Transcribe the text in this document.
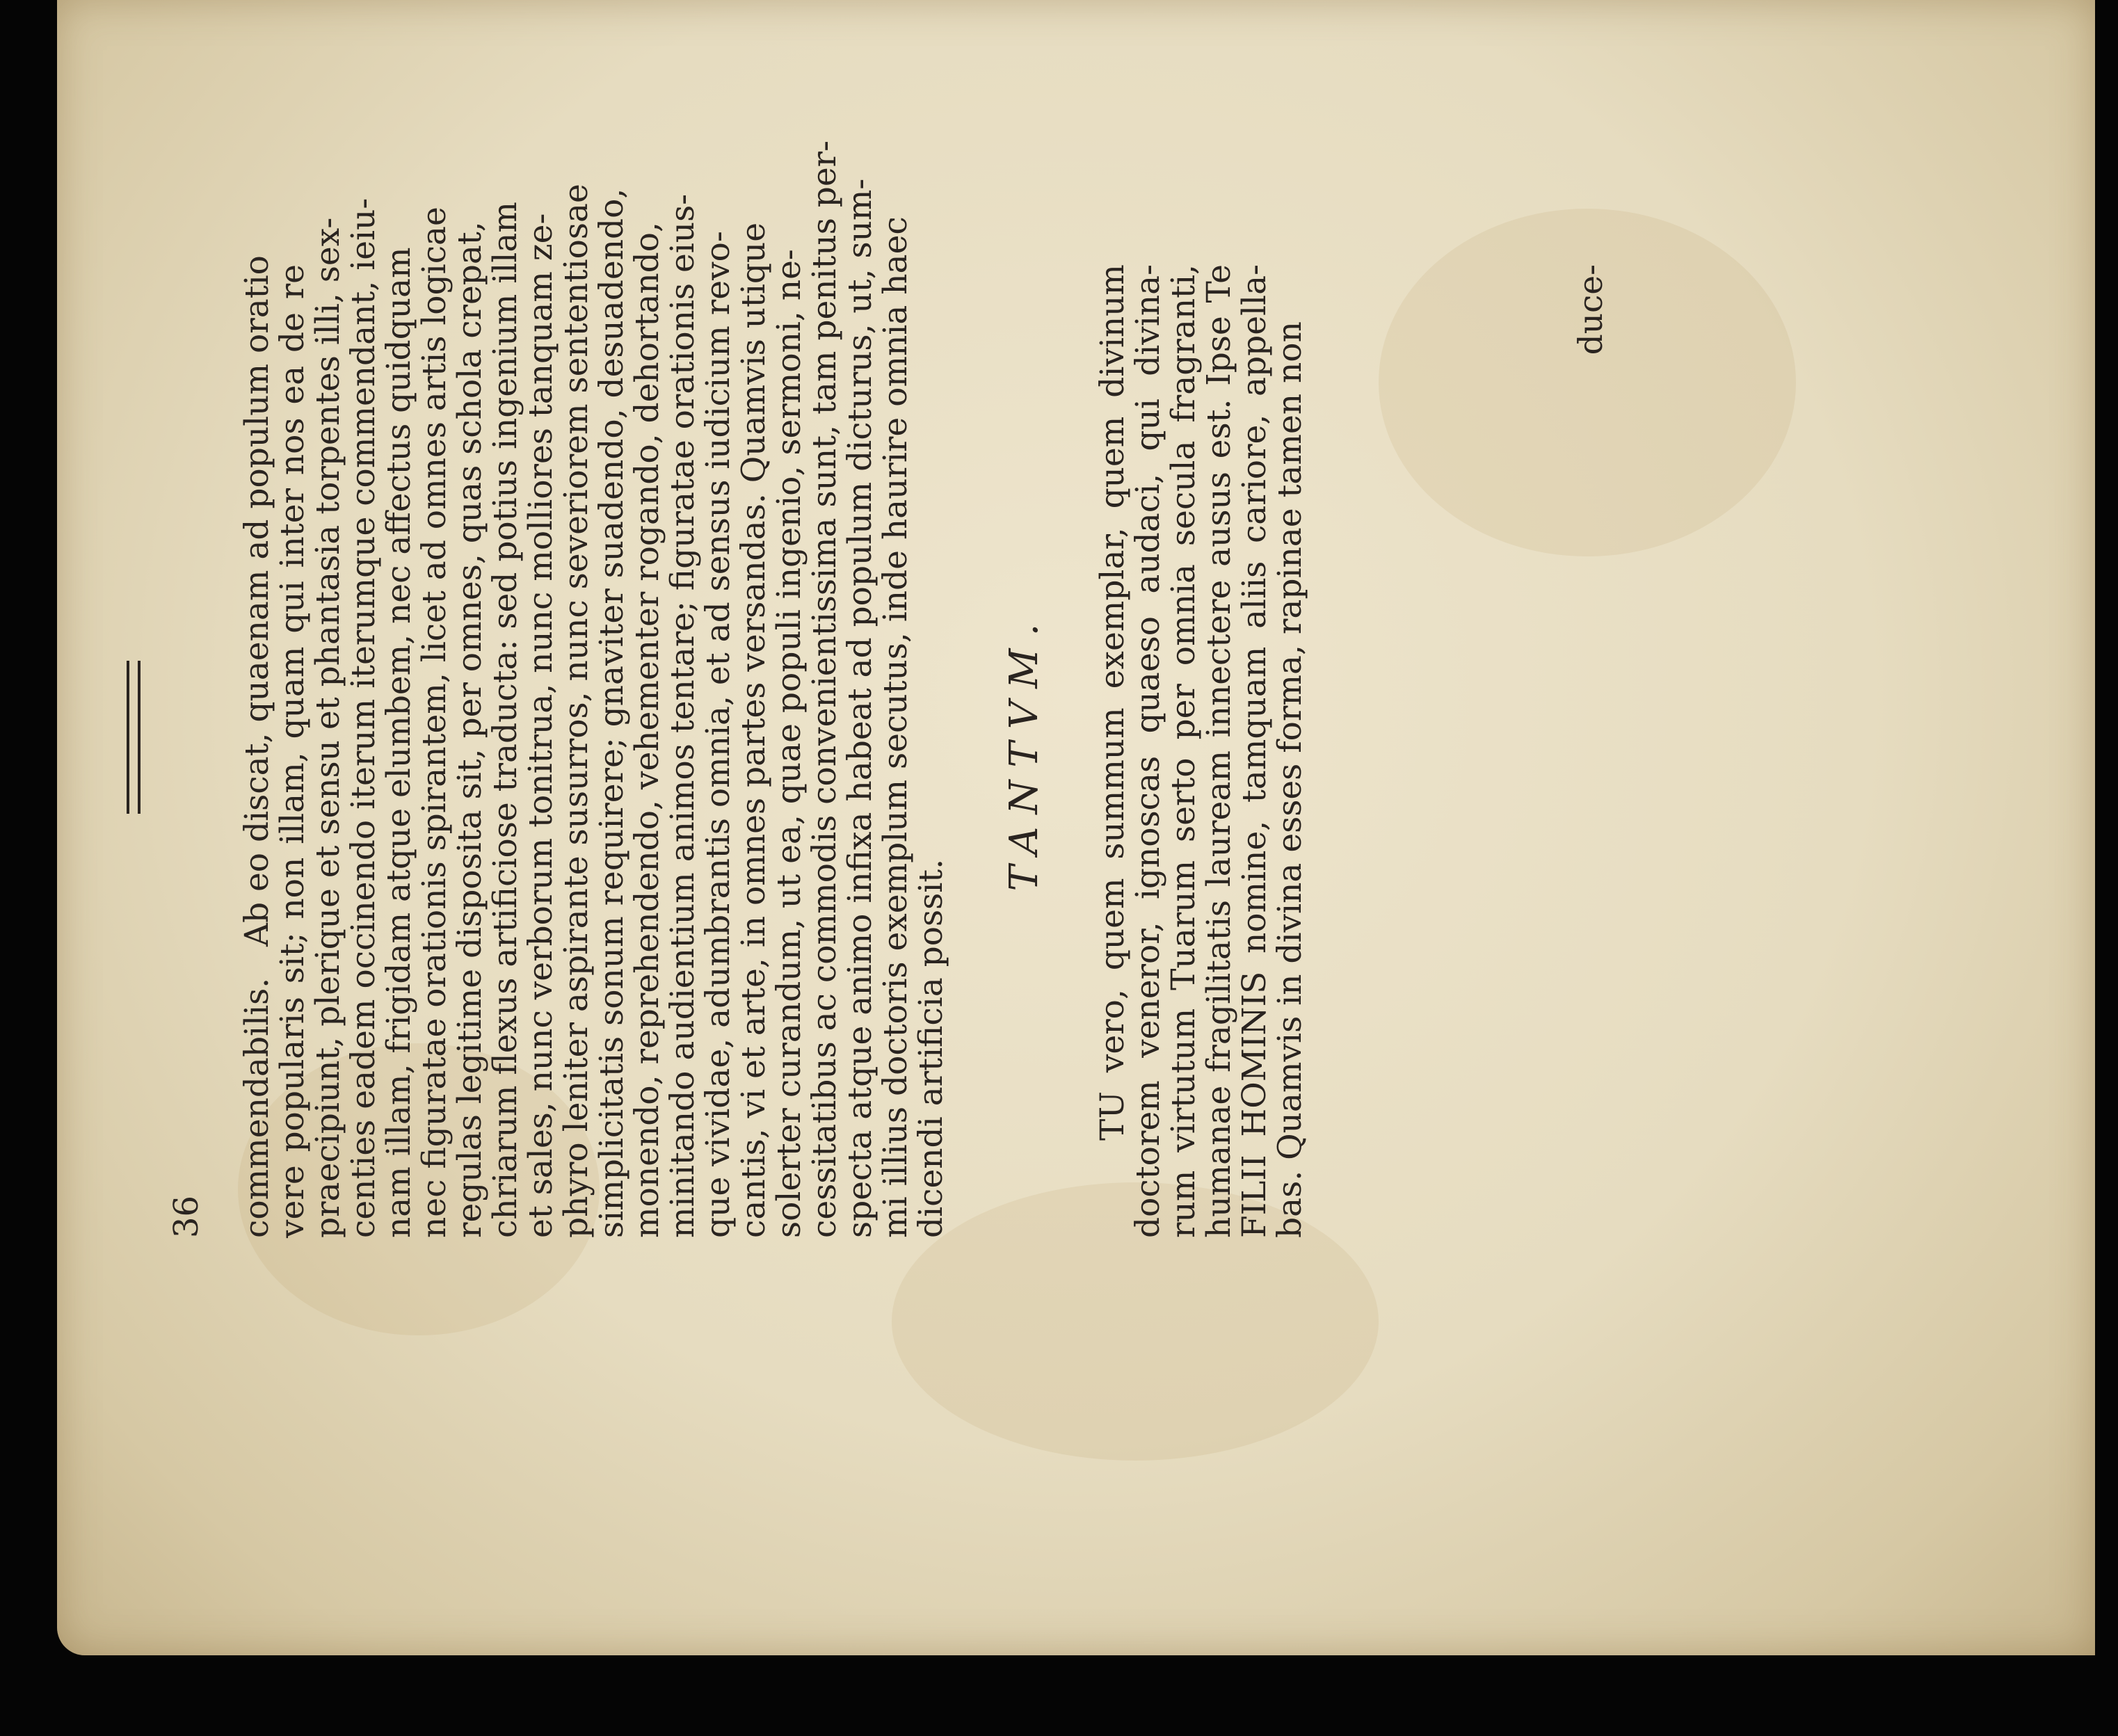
36 commendabilis.   Ab eo discat, quaenam ad populum oratio
vere popularis sit; non illam, quam qui inter nos ea de re
praecipiunt, plerique et sensu et phantasia torpentes illi, sex-
centies eadem occinendo iterum iterumque commendant, ieiu-
nam illam, frigidam atque elumbem, nec affectus quidquam
nec figuratae orationis spirantem, licet ad omnes artis logicae
regulas legitime disposita sit, per omnes, quas schola crepat,
chriarum flexus artificiose traducta: sed potius ingenium illam
et sales, nunc verborum tonitrua, nunc molliores tanquam ze-
phyro leniter aspirante susurros, nunc severiorem sententiosae
simplicitatis sonum requirere; gnaviter suadendo, desuadendo,
monendo, reprehendendo, vehementer rogando, dehortando,
minitando audientium animos tentare; figuratae orationis eius-
que vividae, adumbrantis omnia, et ad sensus iudicium revo-
cantis, vi et arte, in omnes partes versandas. Quamvis utique
solerter curandum, ut ea, quae populi ingenio, sermoni, ne-
cessitatibus ac commodis convenientissima sunt, tam penitus per-
specta atque animo infixa habeat ad populum dicturus, ut, sum-
mi illius doctoris exemplum secutus, inde haurire omnia haec
dicendi artificia possit.
TANTVM. TU vero, quem summum exemplar, quem divinum
doctorem veneror, ignoscas quaeso audaci, qui divina-
rum virtutum Tuarum serto per omnia secula fragranti,
humanae fragilitatis lauream innectere ausus est. Ipse Te
FILII HOMINIS nomine, tamquam aliis cariore, appella-
bas. Quamvis in divina esses forma, rapinae tamen non
duce-
